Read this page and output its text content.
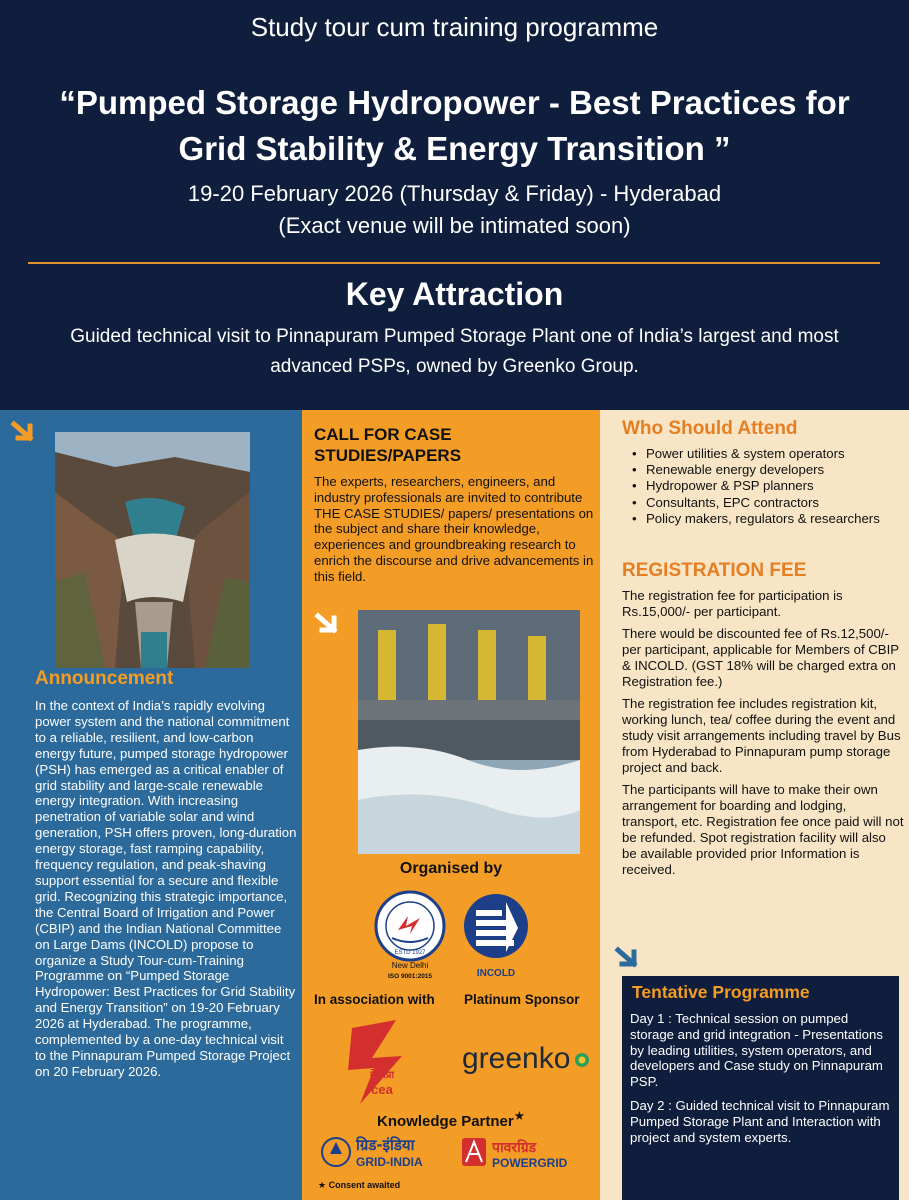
Study tour cum training programme
“Pumped Storage Hydropower - Best Practices for Grid Stability & Energy Transition ”
19-20 February 2026 (Thursday & Friday) - Hyderabad
(Exact venue will be intimated soon)
Key Attraction
Guided technical visit to Pinnapuram Pumped Storage Plant one of India’s largest and most advanced PSPs, owned by Greenko Group.
Announcement
In the context of India’s rapidly evolving power system and the national commitment to a reliable, resilient, and low-carbon energy future, pumped storage hydropower (PSH) has emerged as a critical enabler of grid stability and large-scale renewable energy integration. With increasing penetration of variable solar and wind generation, PSH offers proven, long-duration energy storage, fast ramping capability, frequency regulation, and peak-shaving support essential for a secure and flexible grid. Recognizing this strategic importance, the Central Board of Irrigation and Power (CBIP) and the Indian National Committee on Large Dams (INCOLD) propose to organize a Study Tour-cum-Training Programme on “Pumped Storage Hydropower: Best Practices for Grid Stability and Energy Transition” on 19-20 February 2026 at Hyderabad. The programme, complemented by a one-day technical visit to the Pinnapuram Pumped Storage Project on 20 February 2026.
CALL FOR CASE STUDIES/PAPERS
The experts, researchers, engineers, and industry professionals are invited to contribute THE CASE STUDIES/ papers/ presentations on the subject and share their knowledge, experiences and groundbreaking research to enrich the discourse and drive advancements in this field.
Organised by
ESTD 1927
New Delhi
ISO 9001:2015	INCOLD
In association with Platinum Sponsor
केविप्रा
cea
greenko
Knowledge Partner★
ग्रिड-इंडिया
GRID-INDIA
पावरग्रिड
POWERGRID
★ Consent awaited
Who Should Attend
• Power utilities & system operators
• Renewable energy developers
• Hydropower & PSP planners
• Consultants, EPC contractors
• Policy makers, regulators & researchers
REGISTRATION FEE

The registration fee for participation is Rs.15,000/- per participant.

There would be discounted fee of Rs.12,500/- per participant, applicable for Members of CBIP & INCOLD. (GST 18% will be charged extra on Registration fee.)

The registration fee includes registration kit, working lunch, tea/ coffee during the event and study visit arrangements including travel by Bus from Hyderabad to Pinnapuram pump storage project and back.

The participants will have to make their own arrangement for boarding and lodging, transport, etc. Registration fee once paid will not be refunded. Spot registration facility will also be available provided prior Information is received.

Tentative Programme

Day 1 : Technical session on pumped storage and grid integration - Presentations by leading utilities, system operators, and developers and Case study on Pinnapuram PSP.

Day 2 : Guided technical visit to Pinnapuram Pumped Storage Plant and Interaction with project and system experts.
